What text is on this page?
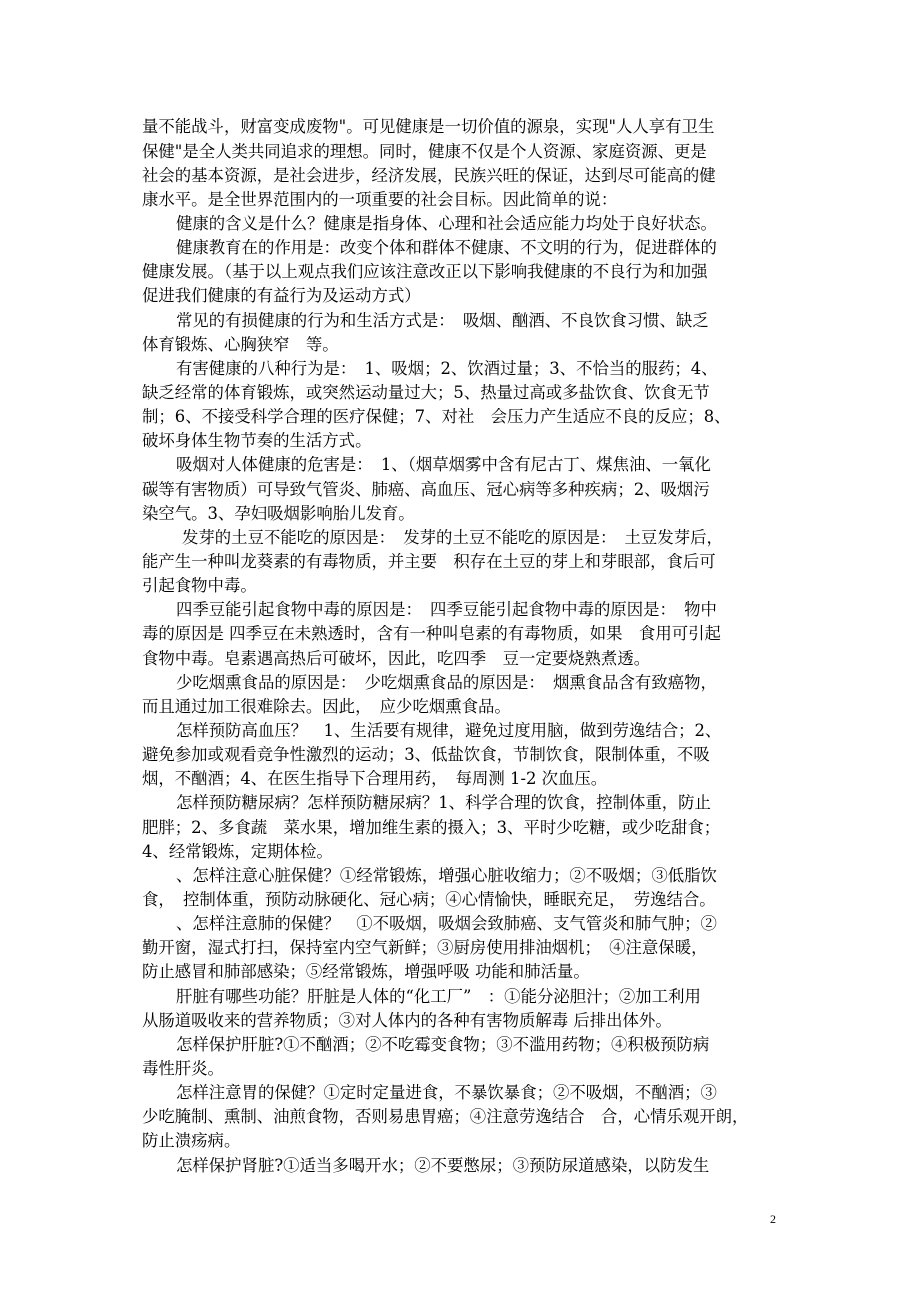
量不能战斗，财富变成废物"。可见健康是一切价值的源泉，实现"人人享有卫生

保健"是全人类共同追求的理想。同时，健康不仅是个人资源、家庭资源、更是

社会的基本资源，是社会进步，经济发展，民族兴旺的保证，达到尽可能高的健

康水平。是全世界范围内的一项重要的社会目标。因此简单的说：

健康的含义是什么？健康是指身体、心理和社会适应能力均处于良好状态。

健康教育在的作用是：改变个体和群体不健康、不文明的行为，促进群体的

健康发展。（基于以上观点我们应该注意改正以下影响我健康的不良行为和加强

促进我们健康的有益行为及运动方式）

常见的有损健康的行为和生活方式是：　吸烟、酗酒、不良饮食习惯、缺乏

体育锻炼、心胸狭窄　等。

有害健康的八种行为是：　1、吸烟；2、饮酒过量；3、不恰当的服药；4、

缺乏经常的体育锻炼，或突然运动量过大；5、热量过高或多盐饮食、饮食无节

制；6、不接受科学合理的医疗保健；7、对社　会压力产生适应不良的反应；8、

破坏身体生物节奏的生活方式。

吸烟对人体健康的危害是：　1、（烟草烟雾中含有尼古丁、煤焦油、一氧化

碳等有害物质）可导致气管炎、肺癌、高血压、冠心病等多种疾病；2、吸烟污

染空气。3、孕妇吸烟影响胎儿发育。

发芽的土豆不能吃的原因是：　发芽的土豆不能吃的原因是：　土豆发芽后，

能产生一种叫龙葵素的有毒物质，并主要　积存在土豆的芽上和芽眼部，食后可

引起食物中毒。

四季豆能引起食物中毒的原因是：　四季豆能引起食物中毒的原因是：　物中

毒的原因是 四季豆在未熟透时，含有一种叫皂素的有毒物质，如果　食用可引起

食物中毒。皂素遇高热后可破坏，因此，吃四季　豆一定要烧熟煮透。

少吃烟熏食品的原因是：　少吃烟熏食品的原因是：　烟熏食品含有致癌物，

而且通过加工很难除去。因此，　应少吃烟熏食品。

怎样预防高血压？　1、生活要有规律，避免过度用脑，做到劳逸结合；2、

避免参加或观看竞争性激烈的运动；3、低盐饮食，节制饮食，限制体重，不吸

烟，不酗酒；4、在医生指导下合理用药，　每周测 1-2 次血压。

怎样预防糖尿病？怎样预防糖尿病？1、科学合理的饮食，控制体重，防止

肥胖；2、多食蔬　菜水果，增加维生素的摄入；3、平时少吃糖，或少吃甜食；

4、经常锻炼，定期体检。

、怎样注意心脏保健？①经常锻炼，增强心脏收缩力；②不吸烟；③低脂饮

食，　控制体重，预防动脉硬化、冠心病；④心情愉快，睡眠充足，　劳逸结合。

、怎样注意肺的保健？　①不吸烟，吸烟会致肺癌、支气管炎和肺气肿；②

勤开窗，湿式打扫，保持室内空气新鲜；③厨房使用排油烟机；　④注意保暖，

防止感冒和肺部感染；⑤经常锻炼，增强呼吸 功能和肺活量。

肝脏有哪些功能？肝脏是人体的“化工厂”　：①能分泌胆汁；②加工利用

从肠道吸收来的营养物质；③对人体内的各种有害物质解毒 后排出体外。

怎样保护肝脏?①不酗酒；②不吃霉变食物；③不滥用药物；④积极预防病

毒性肝炎。

怎样注意胃的保健？①定时定量进食，不暴饮暴食；②不吸烟，不酗酒；③

少吃腌制、熏制、油煎食物，否则易患胃癌；④注意劳逸结合　合，心情乐观开朗，

防止溃疡病。

怎样保护肾脏?①适当多喝开水；②不要憋尿；③预防尿道感染，以防发生

2
